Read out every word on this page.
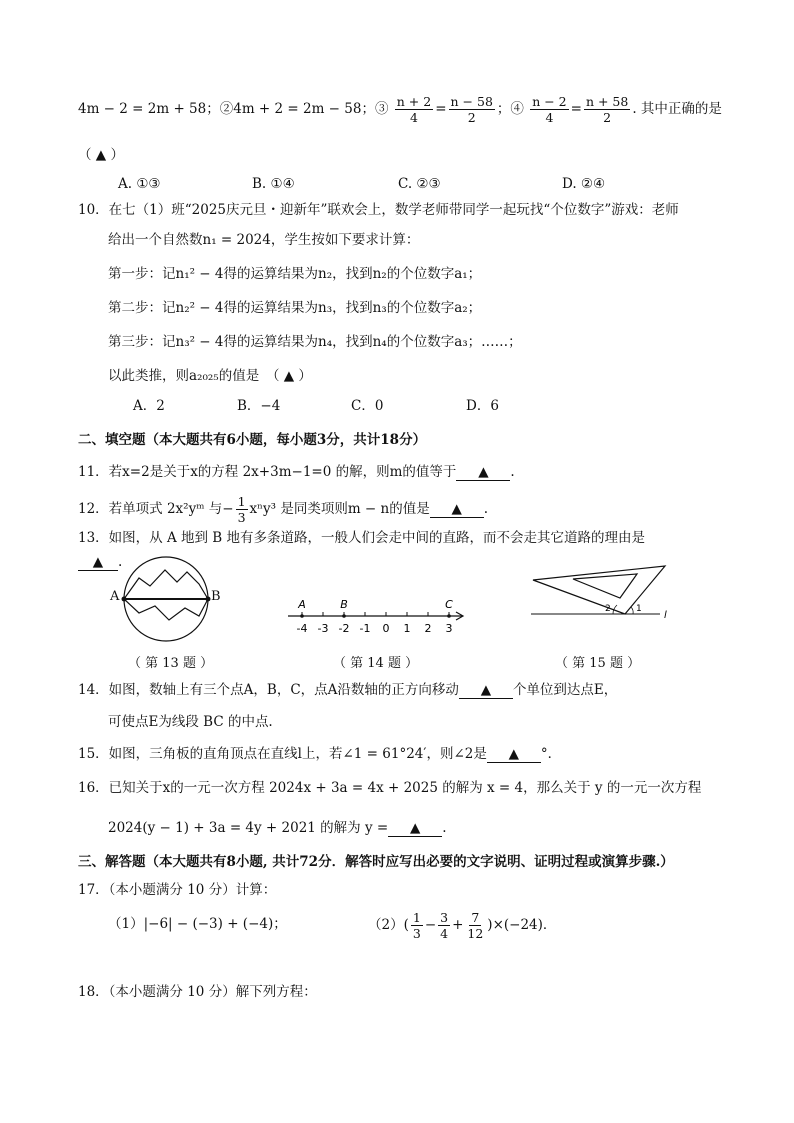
4m − 2 = 2m + 58；②4m + 2 = 2m − 58；③ $\frac{n + 2}{4} = \frac{n - 58}{2}$ ；④ $\frac{n - 2}{4} = \frac{n + 58}{2}$ . 其中正确的是
（ ▲ ）
A. ①③	B. ①④	C. ②③	D. ②④
10．在七（1）班“2025庆元旦・迎新年”联欢会上，数学老师带同学一起玩找“个位数字”游戏：老师
给出一个自然数n₁ = 2024，学生按如下要求计算：
第一步：记n₁² − 4得的运算结果为n₂，找到n₂的个位数字a₁；
第二步：记n₂² − 4得的运算结果为n₃，找到n₃的个位数字a₂；
第三步：记n₃² − 4得的运算结果为n₄，找到n₄的个位数字a₃；……；
以此类推，则a₂₀₂₅的值是　（ ▲ ）
A．2	B．−4	C．0	D．6
二、填空题（本大题共有6小题，每小题3分，共计18分）
11．若x=2是关于x的方程 2x+3m−1=0 的解，则m的值等于 ▲ .
12．若单项式 2x²yᵐ 与− $\frac{1}{3} x^ny^3$ 是同类项则m − n的值是 ▲ .
13．如图，从 A 地到 B 地有多条道路，一般人们会走中间的直路，而不会走其它道路的理由是
▲ .
A	B
-4 -3 -2 -1 0 1 2 3
A	B	C	2	1
l
（ 第 13 题 ）	（ 第 14 题 ）	（ 第 15 题 ）
14．如图，数轴上有三个点A，B，C，点A沿数轴的正方向移动 ▲ 个单位到达点E，
可使点E为线段 BC 的中点.
15．如图，三角板的直角顶点在直线l上，若∠1 = 61°24′，则∠2是 ▲ °．
16．已知关于x的一元一次方程 2024x + 3a = 4x + 2025 的解为 x = 4，那么关于 y 的一元一次方程
2024(y − 1) + 3a = 4y + 2021 的解为 y = ▲ .
三、解答题（本大题共有8小题, 共计72分．解答时应写出必要的文字说明、证明过程或演算步骤.）
17．（本小题满分 10 分）计算：
（1）|−6| − (−3) + (−4)；	$(2)( \frac{1}{3} - \frac{3}{4} + \frac{7}{12} )\times(-24)$．
18．（本小题满分 10 分）解下列方程：
